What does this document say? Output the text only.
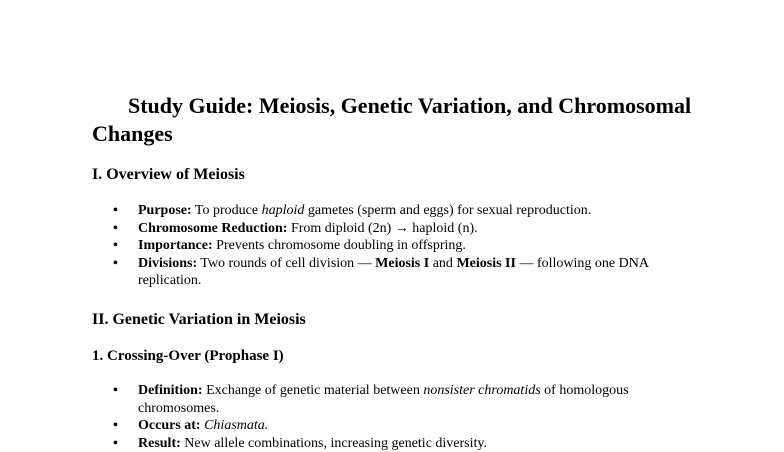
Study Guide: Meiosis, Genetic Variation, and Chromosomal Changes
I. Overview of Meiosis
• Purpose: To produce haploid gametes (sperm and eggs) for sexual reproduction.
• Chromosome Reduction: From diploid (2n) → haploid (n).
• Importance: Prevents chromosome doubling in offspring.
• Divisions: Two rounds of cell division — Meiosis I and Meiosis II — following one DNA replication.
II. Genetic Variation in Meiosis
1. Crossing-Over (Prophase I)
• Definition: Exchange of genetic material between nonsister chromatids of homologous chromosomes.
• Occurs at: Chiasmata.
• Result: New allele combinations, increasing genetic diversity.
